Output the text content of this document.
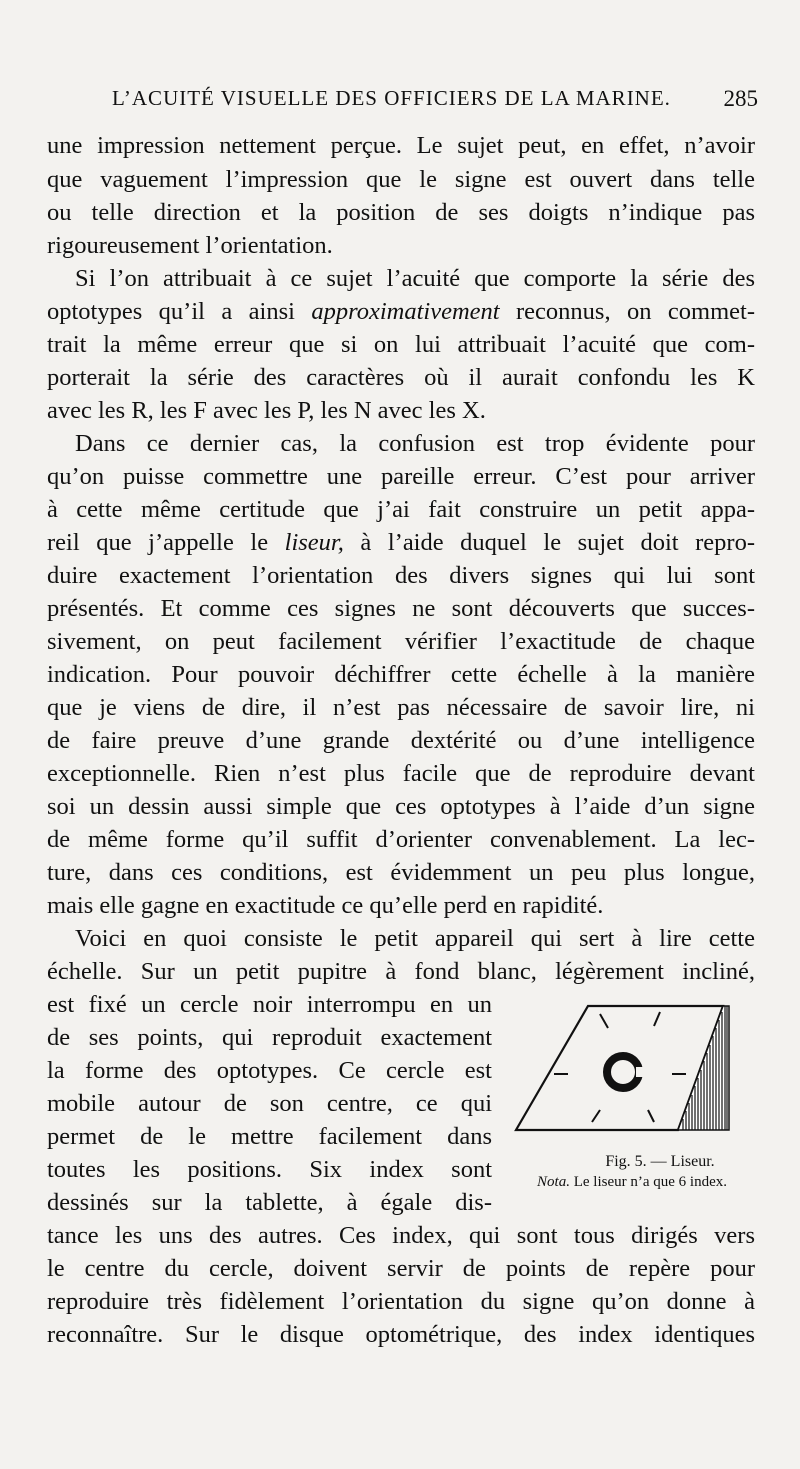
L’ACUITÉ VISUELLE DES OFFICIERS DE LA MARINE. 285
une impression nettement perçue. Le sujet peut, en effet, n’avoir
que vaguement l’impression que le signe est ouvert dans telle
ou telle direction et la position de ses doigts n’indique pas
rigoureusement l’orientation.
Si l’on attribuait à ce sujet l’acuité que comporte la série des
optotypes qu’il a ainsi approximativement reconnus, on commet-
trait la même erreur que si on lui attribuait l’acuité que com-
porterait la série des caractères où il aurait confondu les K
avec les R, les F avec les P, les N avec les X.
Dans ce dernier cas, la confusion est trop évidente pour
qu’on puisse commettre une pareille erreur. C’est pour arriver
à cette même certitude que j’ai fait construire un petit appa-
reil que j’appelle le liseur, à l’aide duquel le sujet doit repro-
duire exactement l’orientation des divers signes qui lui sont
présentés. Et comme ces signes ne sont découverts que succes-
sivement, on peut facilement vérifier l’exactitude de chaque
indication. Pour pouvoir déchiffrer cette échelle à la manière
que je viens de dire, il n’est pas nécessaire de savoir lire, ni
de faire preuve d’une grande dextérité ou d’une intelligence
exceptionnelle. Rien n’est plus facile que de reproduire devant
soi un dessin aussi simple que ces optotypes à l’aide d’un signe
de même forme qu’il suffit d’orienter convenablement. La lec-
ture, dans ces conditions, est évidemment un peu plus longue,
mais elle gagne en exactitude ce qu’elle perd en rapidité.
Voici en quoi consiste le petit appareil qui sert à lire cette
échelle. Sur un petit pupitre à fond blanc, légèrement incliné,
est fixé un cercle noir interrompu en un
de ses points, qui reproduit exactement
la forme des optotypes. Ce cercle est
mobile autour de son centre, ce qui
permet de le mettre facilement dans
toutes les positions. Six index sont
dessinés sur la tablette, à égale dis-
tance les uns des autres. Ces index, qui sont tous dirigés vers
le centre du cercle, doivent servir de points de repère pour
reproduire très fidèlement l’orientation du signe qu’on donne à
reconnaître. Sur le disque optométrique, des index identiques
Fig. 5. — Liseur.
Nota. Le liseur n’a que 6 index.
